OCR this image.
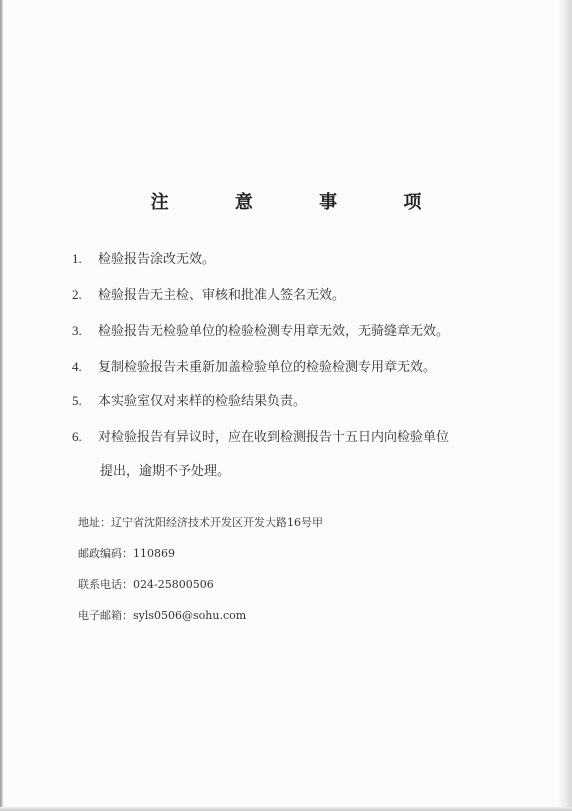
注 意 事 项
1. 检验报告涂改无效。
2. 检验报告无主检、审核和批准人签名无效。
3. 检验报告无检验单位的检验检测专用章无效，无骑缝章无效。
4. 复制检验报告未重新加盖检验单位的检验检测专用章无效。
5. 本实验室仅对来样的检验结果负责。
6. 对检验报告有异议时，应在收到检测报告十五日内向检验单位
提出，逾期不予处理。
地址：辽宁省沈阳经济技术开发区开发大路16号甲
邮政编码：110869
联系电话：024-25800506
电子邮箱：syls0506@sohu.com
